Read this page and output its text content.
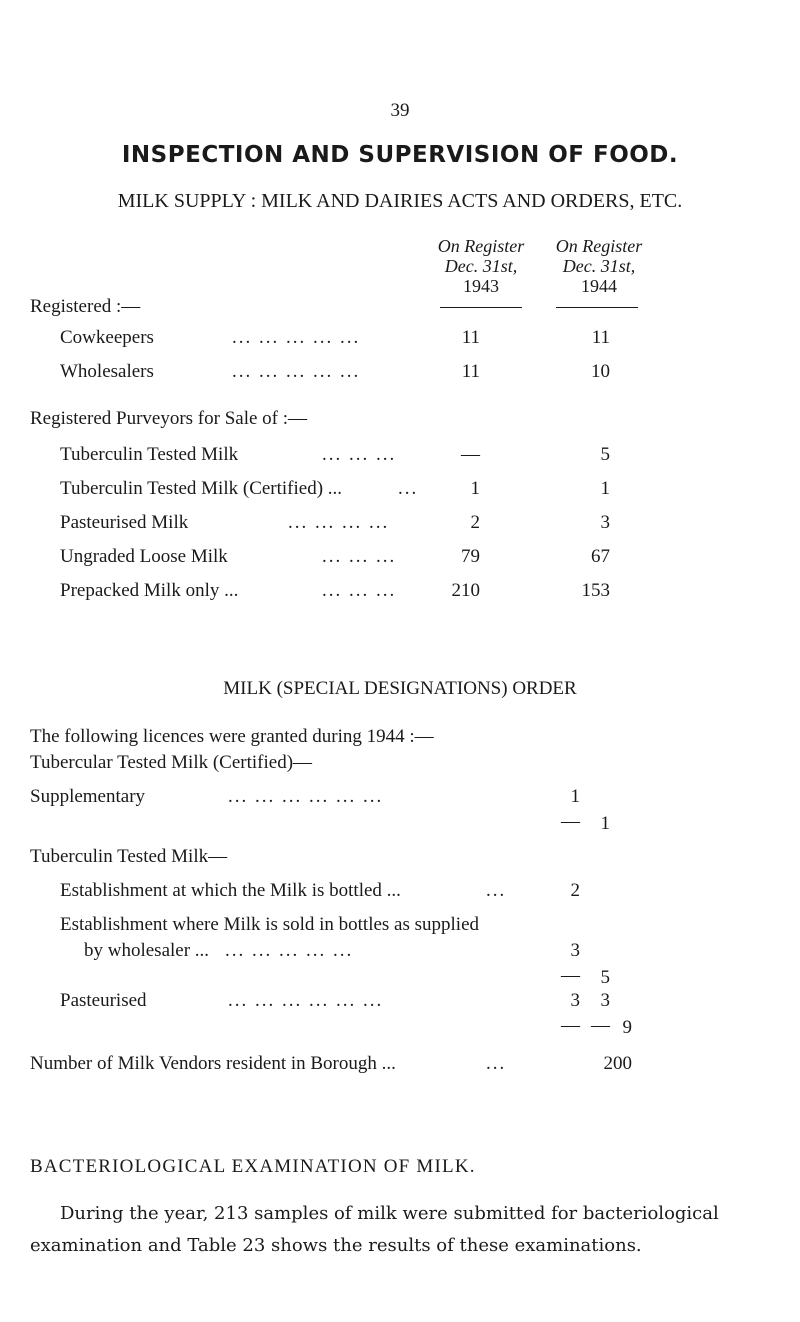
39
INSPECTION AND SUPERVISION OF FOOD.
MILK SUPPLY : MILK AND DAIRIES ACTS AND ORDERS, ETC.
On Register
Dec. 31st,
1943
On Register
Dec. 31st,
1944
Registered :—
Cowkeepers	... ... ... ... ...	11	11
Wholesalers	... ... ... ... ...	11	10
Registered Purveyors for Sale of :—
Tuberculin Tested Milk	... ... ...	—	5
Tuberculin Tested Milk (Certified) ...	...	1	1
Pasteurised Milk	... ... ... ...	2	3
Ungraded Loose Milk	... ... ...	79	67
Prepacked Milk only ...	... ... ...	210	153
MILK (SPECIAL DESIGNATIONS) ORDER
The following licences were granted during 1944 :—
Tubercular Tested Milk (Certified)—
Supplementary	... ... ... ... ... ...	1
—	1
Tuberculin Tested Milk—
Establishment at which the Milk is bottled ...	...	2
Establishment where Milk is sold in bottles as supplied
by wholesaler ... ... ... ... ... ...	3
—	5
Pasteurised	... ... ... ... ... ...	3	3
— — 9
Number of Milk Vendors resident in Borough ...	...	200
BACTERIOLOGICAL EXAMINATION OF MILK.
During the year, 213 samples of milk were submitted for bacteriological
examination and Table 23 shows the results of these examinations.
